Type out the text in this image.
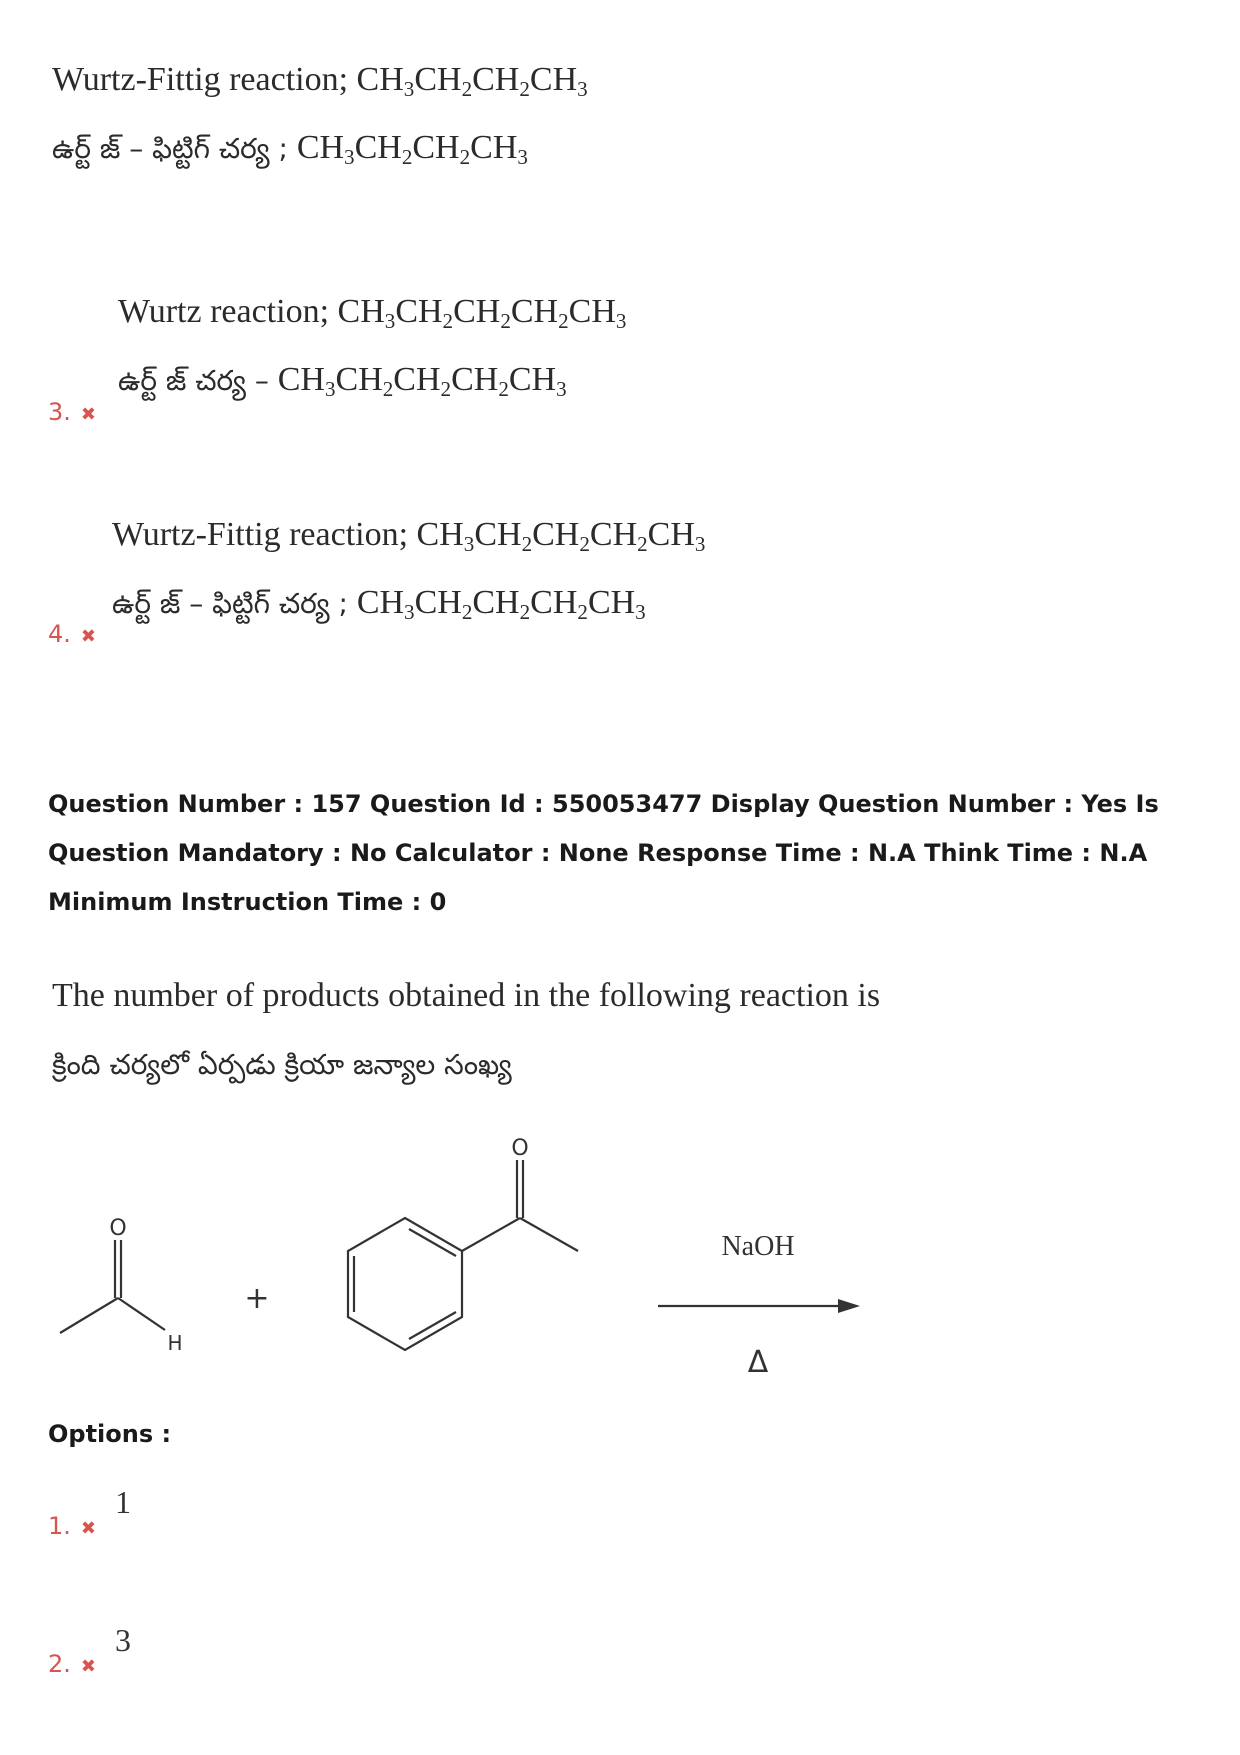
Wurtz-Fittig reaction; $CH_3CH_2CH_2CH_3$
ఉర్ట్ జ్ – ఫిట్టిగ్ చర్య ; $CH_3CH_2CH_2CH_3$
3. ✖
Wurtz reaction; $CH_3CH_2CH_2CH_2CH_3$
ఉర్ట్ జ్ చర్య – $CH_3CH_2CH_2CH_2CH_3$
4. ✖
Wurtz-Fittig reaction; $CH_3CH_2CH_2CH_2CH_3$
ఉర్ట్ జ్ – ఫిట్టిగ్ చర్య ; $CH_3CH_2CH_2CH_2CH_3$
Question Number : 157 Question Id : 550053477 Display Question Number : Yes Is Question Mandatory : No Calculator : None Response Time : N.A Think Time : N.A Minimum Instruction Time : 0
The number of products obtained in the following reaction is
క్రింది చర్యలో ఏర్పడు క్రియా జన్యాల సంఖ్య
O
H
+
O
NaOH
Δ
Options :
1. ✖
1
2. ✖
3
